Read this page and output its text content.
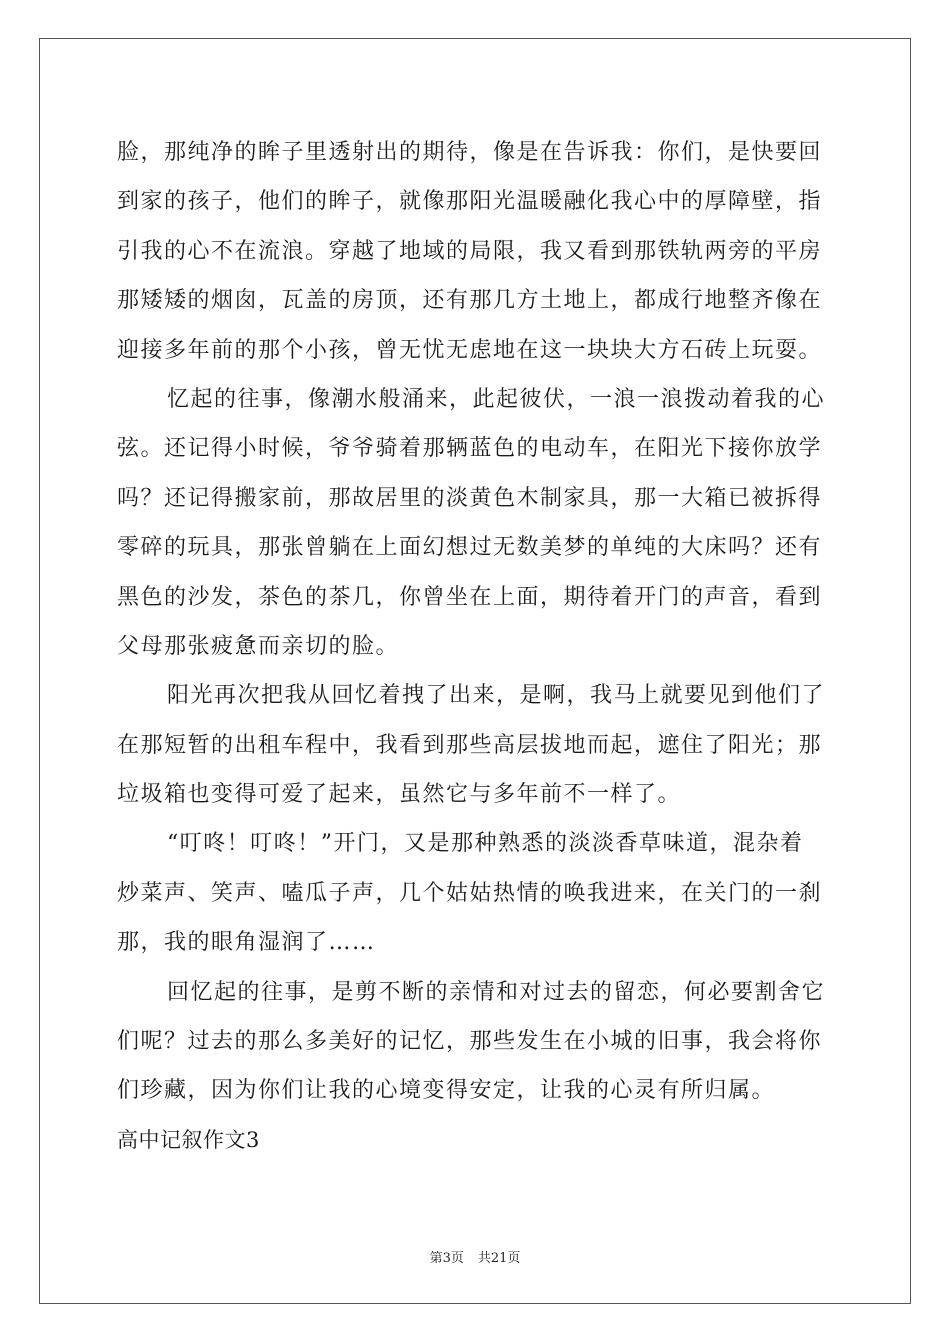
脸，那纯净的眸子里透射出的期待，像是在告诉我：你们，是快要回
到家的孩子，他们的眸子，就像那阳光温暖融化我心中的厚障壁，指
引我的心不在流浪。穿越了地域的局限，我又看到那铁轨两旁的平房
那矮矮的烟囱，瓦盖的房顶，还有那几方土地上，都成行地整齐像在
迎接多年前的那个小孩，曾无忧无虑地在这一块块大方石砖上玩耍。
忆起的往事，像潮水般涌来，此起彼伏，一浪一浪拨动着我的心
弦。还记得小时候，爷爷骑着那辆蓝色的电动车，在阳光下接你放学
吗？还记得搬家前，那故居里的淡黄色木制家具，那一大箱已被拆得
零碎的玩具，那张曾躺在上面幻想过无数美梦的单纯的大床吗？还有
黑色的沙发，茶色的茶几，你曾坐在上面，期待着开门的声音，看到
父母那张疲惫而亲切的脸。
阳光再次把我从回忆着拽了出来，是啊，我马上就要见到他们了
在那短暂的出租车程中，我看到那些高层拔地而起，遮住了阳光；那
垃圾箱也变得可爱了起来，虽然它与多年前不一样了。
“叮咚！叮咚！”开门，又是那种熟悉的淡淡香草味道，混杂着
炒菜声、笑声、嗑瓜子声，几个姑姑热情的唤我进来，在关门的一刹
那，我的眼角湿润了……
回忆起的往事，是剪不断的亲情和对过去的留恋，何必要割舍它
们呢？过去的那么多美好的记忆，那些发生在小城的旧事，我会将你
们珍藏，因为你们让我的心境变得安定，让我的心灵有所归属。
高中记叙作文3
第3页 共21页
